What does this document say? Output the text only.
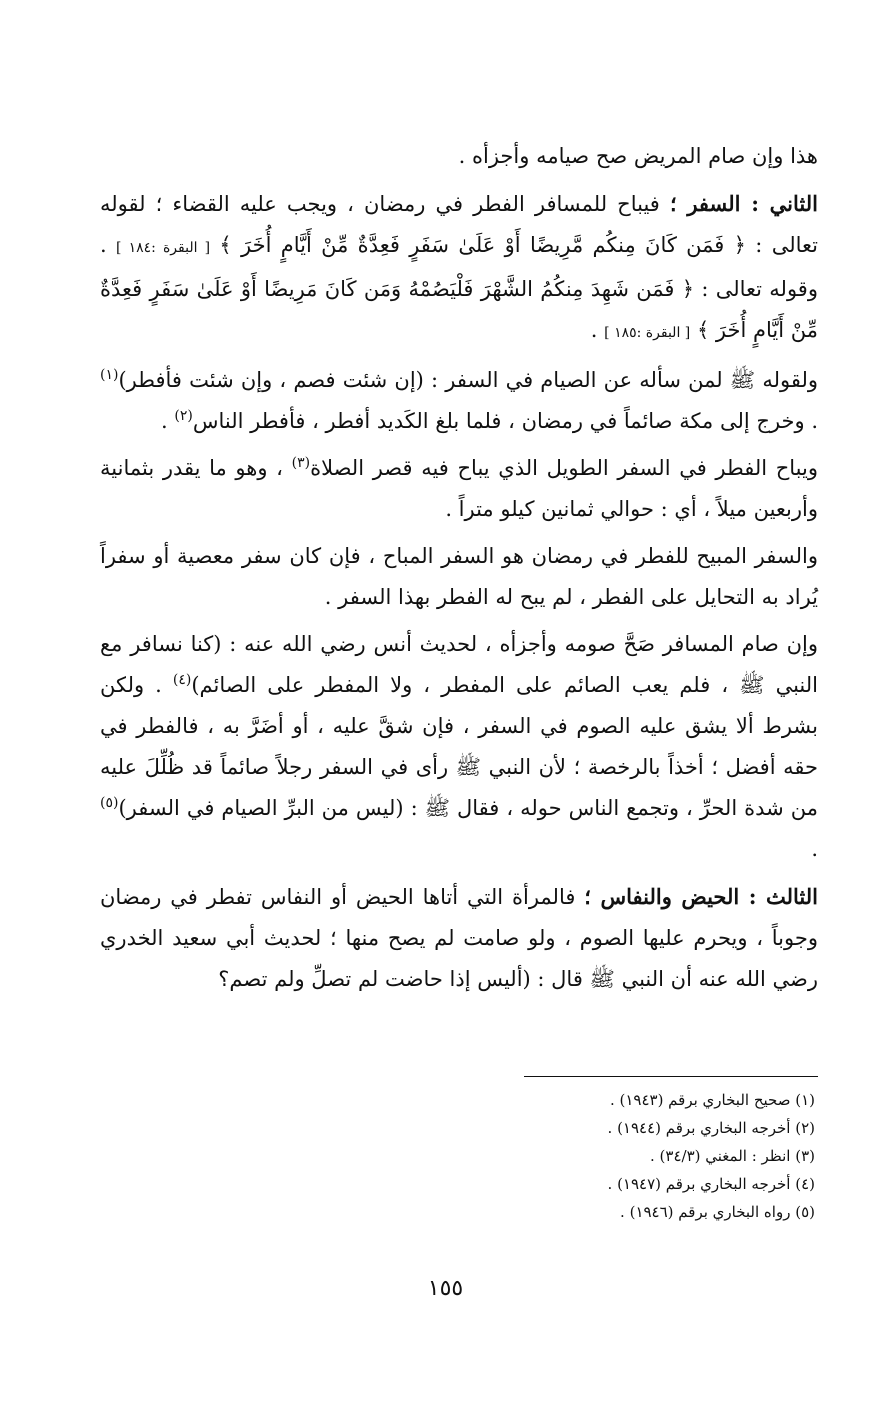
هذا وإن صام المريض صح صيامه وأجزأه .

الثاني : السفر ؛ فيباح للمسافر الفطر في رمضان ، ويجب عليه القضاء ؛ لقوله تعالى : ﴿ فَمَن كَانَ مِنكُم مَّرِيضًا أَوْ عَلَىٰ سَفَرٍ فَعِدَّةٌ مِّنْ أَيَّامٍ أُخَرَ ﴾ [ البقرة :١٨٤ ] . وقوله تعالى : ﴿ فَمَن شَهِدَ مِنكُمُ الشَّهْرَ فَلْيَصُمْهُ وَمَن كَانَ مَرِيضًا أَوْ عَلَىٰ سَفَرٍ فَعِدَّةٌ مِّنْ أَيَّامٍ أُخَرَ ﴾ [ البقرة :١٨٥ ] .

ولقوله ﷺ لمن سأله عن الصيام في السفر : (إن شئت فصم ، وإن شئت فأفطر)$^{(١)}$ . وخرج إلى مكة صائماً في رمضان ، فلما بلغ الكَديد أفطر ، فأفطر الناس$^{(٢)}$ .

ويباح الفطر في السفر الطويل الذي يباح فيه قصر الصلاة$^{(٣)}$ ، وهو ما يقدر بثمانية وأربعين ميلاً ، أي : حوالي ثمانين كيلو متراً .

والسفر المبيح للفطر في رمضان هو السفر المباح ، فإن كان سفر معصية أو سفراً يُراد به التحايل على الفطر ، لم يبح له الفطر بهذا السفر .

وإن صام المسافر صَحَّ صومه وأجزأه ، لحديث أنس رضي الله عنه : (كنا نسافر مع النبي ﷺ ، فلم يعب الصائم على المفطر ، ولا المفطر على الصائم)$^{(٤)}$ . ولكن بشرط ألا يشق عليه الصوم في السفر ، فإن شقَّ عليه ، أو أضَرَّ به ، فالفطر في حقه أفضل ؛ أخذاً بالرخصة ؛ لأن النبي ﷺ رأى في السفر رجلاً صائماً قد ظُلِّلَ عليه من شدة الحرِّ ، وتجمع الناس حوله ، فقال ﷺ : (ليس من البرِّ الصيام في السفر)$^{(٥)}$ .

الثالث : الحيض والنفاس ؛ فالمرأة التي أتاها الحيض أو النفاس تفطر في رمضان وجوباً ، ويحرم عليها الصوم ، ولو صامت لم يصح منها ؛ لحديث أبي سعيد الخدري رضي الله عنه أن النبي ﷺ قال : (أليس إذا حاضت لم تصلِّ ولم تصم؟

(١) صحيح البخاري برقم (١٩٤٣) .
(٢) أخرجه البخاري برقم (١٩٤٤) .
(٣) انظر : المغني (٣٤/٣) .
(٤) أخرجه البخاري برقم (١٩٤٧) .
(٥) رواه البخاري برقم (١٩٤٦) .
١٥٥
